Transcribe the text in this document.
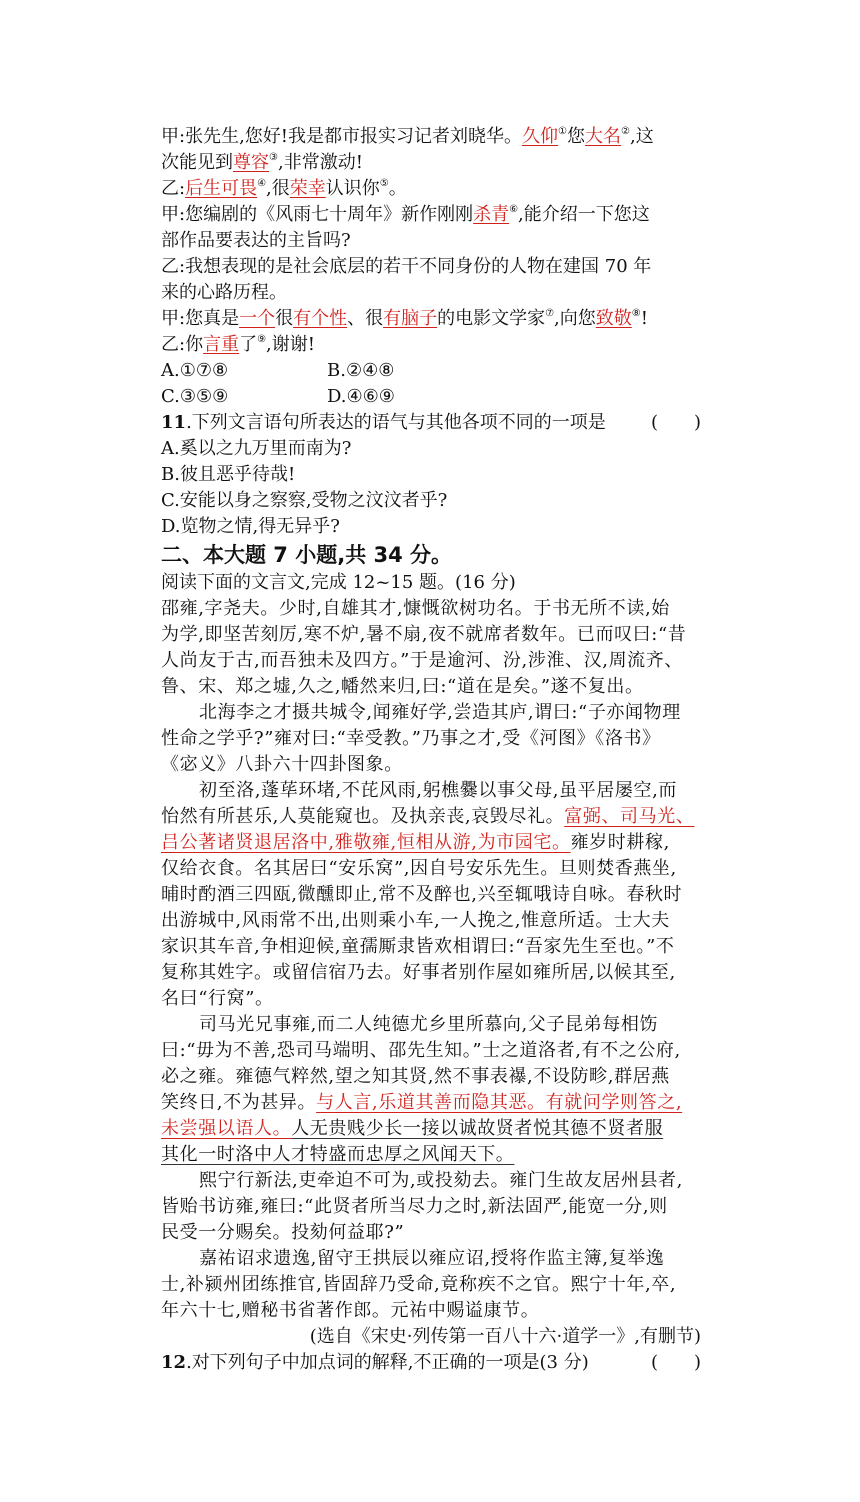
甲:张先生,您好!我是都市报实习记者刘晓华。久仰①您大名②,这
次能见到尊容③,非常激动!
乙:后生可畏④,很荣幸认识你⑤。
甲:您编剧的《风雨七十周年》新作刚刚杀青⑥,能介绍一下您这
部作品要表达的主旨吗?
乙:我想表现的是社会底层的若干不同身份的人物在建国 70 年
来的心路历程。
甲:您真是一个很有个性、很有脑子的电影文学家⑦,向您致敬⑧!
乙:你言重了⑨,谢谢!
A.①⑦⑧	B.②④⑧
C.③⑤⑨	D.④⑥⑨
11.下列文言语句所表达的语气与其他各项不同的一项是	(　　)
A.奚以之九万里而南为?
B.彼且恶乎待哉!
C.安能以身之察察,受物之汶汶者乎?
D.览物之情,得无异乎?
二、本大题 7 小题,共 34 分。
阅读下面的文言文,完成 12~15 题。(16 分)
邵雍,字尧夫。少时,自雄其才,慷慨欲树功名。于书无所不读,始
为学,即坚苦刻厉,寒不炉,暑不扇,夜不就席者数年。已而叹曰:“昔
人尚友于古,而吾独未及四方。”于是逾河、汾,涉淮、汉,周流齐、
鲁、宋、郑之墟,久之,幡然来归,曰:“道在是矣。”遂不复出。
北海李之才摄共城令,闻雍好学,尝造其庐,谓曰:“子亦闻物理
性命之学乎?”雍对曰:“幸受教。”乃事之才,受《河图》《洛书》
《宓义》八卦六十四卦图象。
初至洛,蓬荜环堵,不芘风雨,躬樵爨以事父母,虽平居屡空,而
怡然有所甚乐,人莫能窥也。及执亲丧,哀毁尽礼。富弼、司马光、
吕公著诸贤退居洛中,雅敬雍,恒相从游,为市园宅。雍岁时耕稼,
仅给衣食。名其居曰“安乐窝”,因自号安乐先生。旦则焚香燕坐,
晡时酌酒三四瓯,微醺即止,常不及醉也,兴至辄哦诗自咏。春秋时
出游城中,风雨常不出,出则乘小车,一人挽之,惟意所适。士大夫
家识其车音,争相迎候,童孺厮隶皆欢相谓曰:“吾家先生至也。”不
复称其姓字。或留信宿乃去。好事者别作屋如雍所居,以候其至,
名曰“行窝”。
司马光兄事雍,而二人纯德尤乡里所慕向,父子昆弟每相饬
曰:“毋为不善,恐司马端明、邵先生知。”士之道洛者,有不之公府,
必之雍。雍德气粹然,望之知其贤,然不事表襮,不设防畛,群居燕
笑终日,不为甚异。与人言,乐道其善而隐其恶。有就问学则答之,
未尝强以语人。人无贵贱少长一接以诚故贤者悦其德不贤者服
其化一时洛中人才特盛而忠厚之风闻天下。
熙宁行新法,吏牵迫不可为,或投劾去。雍门生故友居州县者,
皆贻书访雍,雍曰:“此贤者所当尽力之时,新法固严,能宽一分,则
民受一分赐矣。投劾何益耶?”
嘉祐诏求遗逸,留守王拱辰以雍应诏,授将作监主簿,复举逸
士,补颍州团练推官,皆固辞乃受命,竟称疾不之官。熙宁十年,卒,
年六十七,赠秘书省著作郎。元祐中赐谥康节。
(选自《宋史·列传第一百八十六·道学一》,有删节)
12.对下列句子中加点词的解释,不正确的一项是(3 分)	(　　)
